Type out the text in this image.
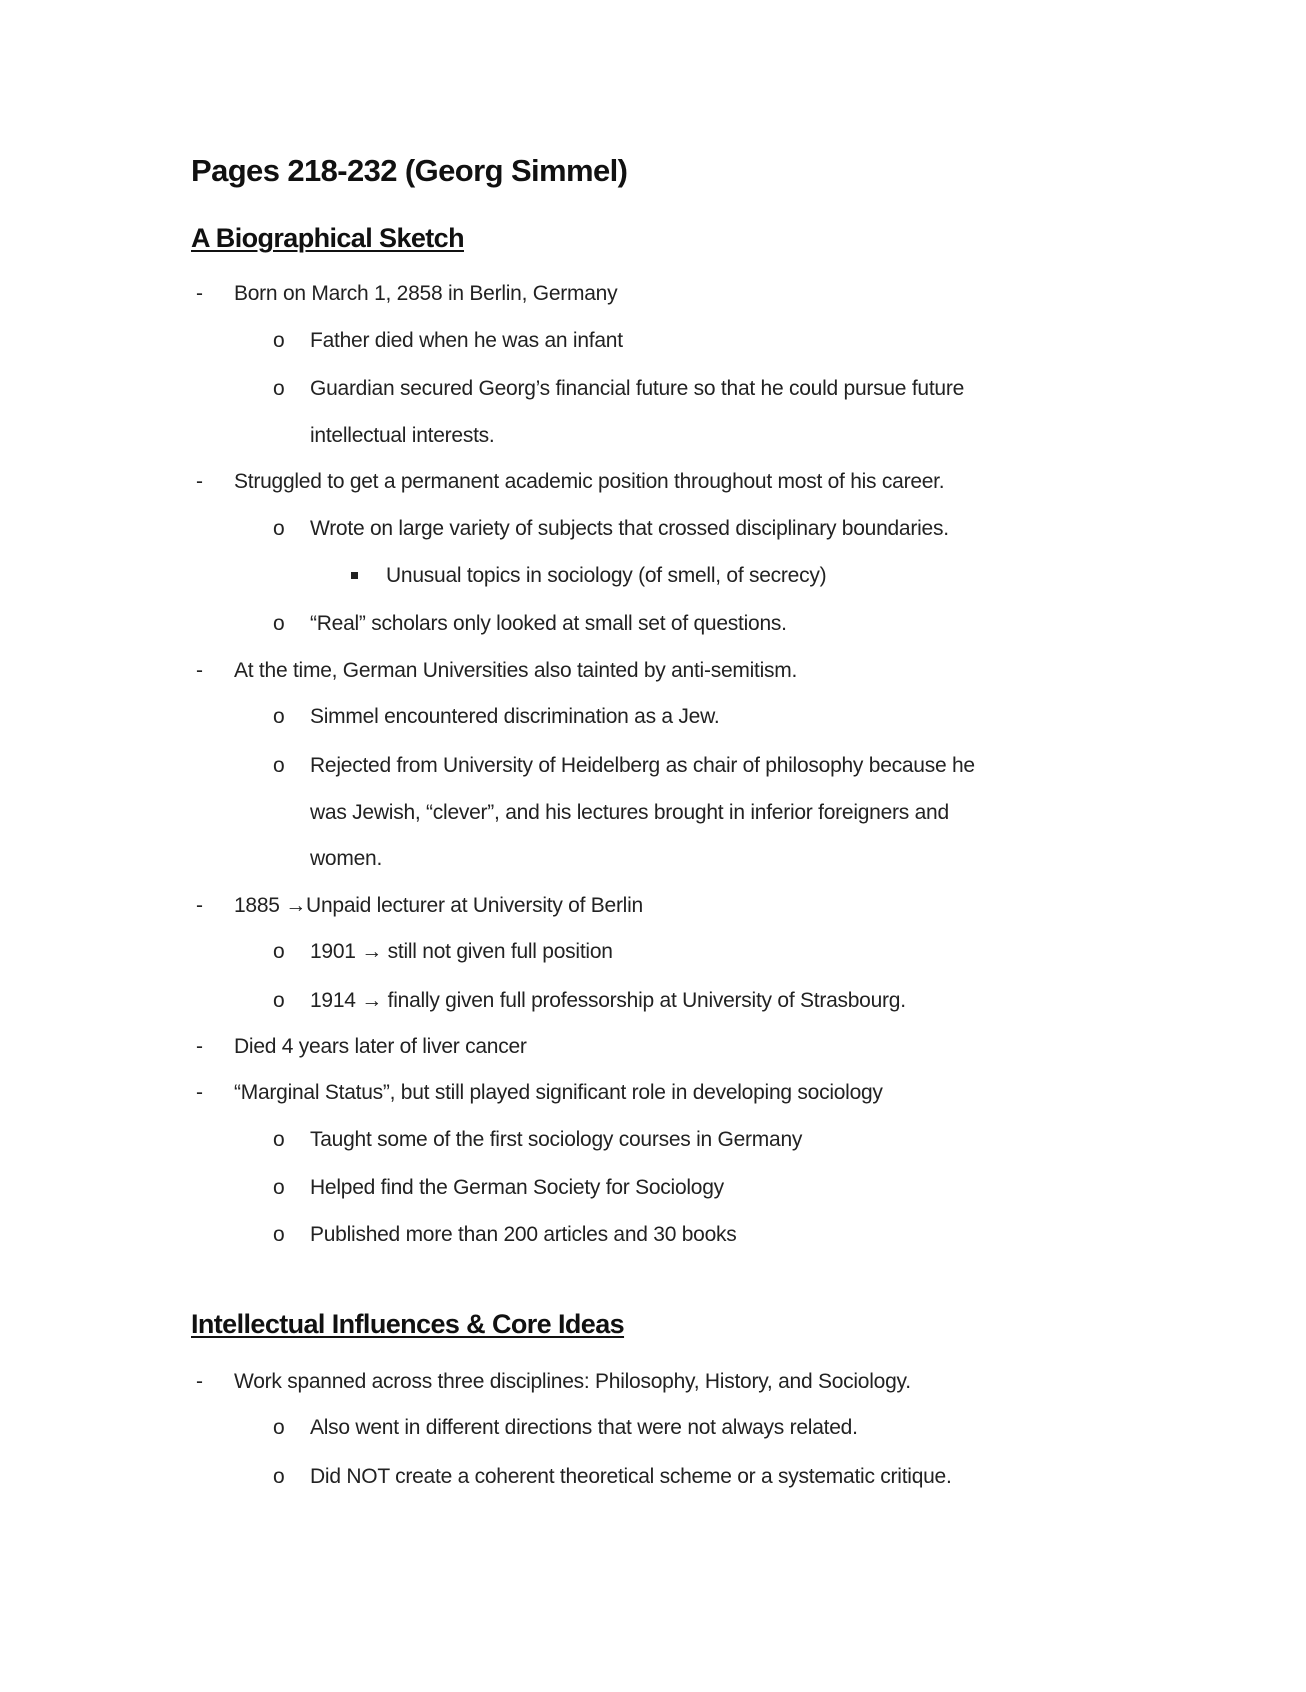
Pages 218-232 (Georg Simmel)
A Biographical Sketch
- Born on March 1, 2858 in Berlin, Germany
o Father died when he was an infant
o Guardian secured Georg’s financial future so that he could pursue future
intellectual interests.
- Struggled to get a permanent academic position throughout most of his career.
o Wrote on large variety of subjects that crossed disciplinary boundaries.
Unusual topics in sociology (of smell, of secrecy)
o “Real” scholars only looked at small set of questions.
- At the time, German Universities also tainted by anti-semitism.
o Simmel encountered discrimination as a Jew.
o Rejected from University of Heidelberg as chair of philosophy because he
was Jewish, “clever”, and his lectures brought in inferior foreigners and
women.
- 1885 →Unpaid lecturer at University of Berlin
o 1901 → still not given full position
o 1914 → finally given full professorship at University of Strasbourg.
- Died 4 years later of liver cancer
- “Marginal Status”, but still played significant role in developing sociology
o Taught some of the first sociology courses in Germany
o Helped find the German Society for Sociology
o Published more than 200 articles and 30 books
Intellectual Influences & Core Ideas
- Work spanned across three disciplines: Philosophy, History, and Sociology.
o Also went in different directions that were not always related.
o Did NOT create a coherent theoretical scheme or a systematic critique.
